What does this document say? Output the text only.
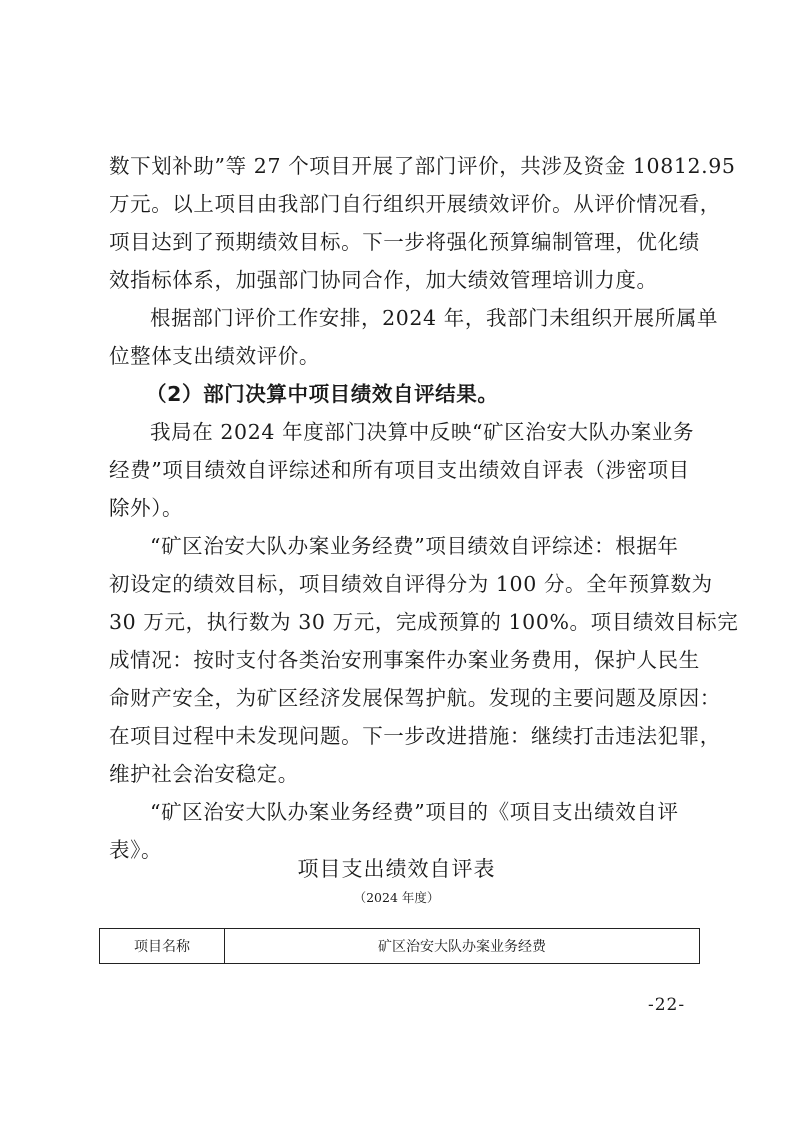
数下划补助”等 27 个项目开展了部门评价，共涉及资金 10812.95
万元。以上项目由我部门自行组织开展绩效评价。从评价情况看，
项目达到了预期绩效目标。下一步将强化预算编制管理，优化绩
效指标体系，加强部门协同合作，加大绩效管理培训力度。
根据部门评价工作安排，2024 年，我部门未组织开展所属单
位整体支出绩效评价。
（2）部门决算中项目绩效自评结果。
我局在 2024 年度部门决算中反映“矿区治安大队办案业务
经费”项目绩效自评综述和所有项目支出绩效自评表（涉密项目
除外）。
“矿区治安大队办案业务经费”项目绩效自评综述：根据年
初设定的绩效目标，项目绩效自评得分为 100 分。全年预算数为
30 万元，执行数为 30 万元，完成预算的 100%。项目绩效目标完
成情况：按时支付各类治安刑事案件办案业务费用，保护人民生
命财产安全，为矿区经济发展保驾护航。发现的主要问题及原因：
在项目过程中未发现问题。下一步改进措施：继续打击违法犯罪，
维护社会治安稳定。
“矿区治安大队办案业务经费”项目的《项目支出绩效自评
表》。
项目支出绩效自评表
（2024 年度）
项目名称	矿区治安大队办案业务经费
-22-
